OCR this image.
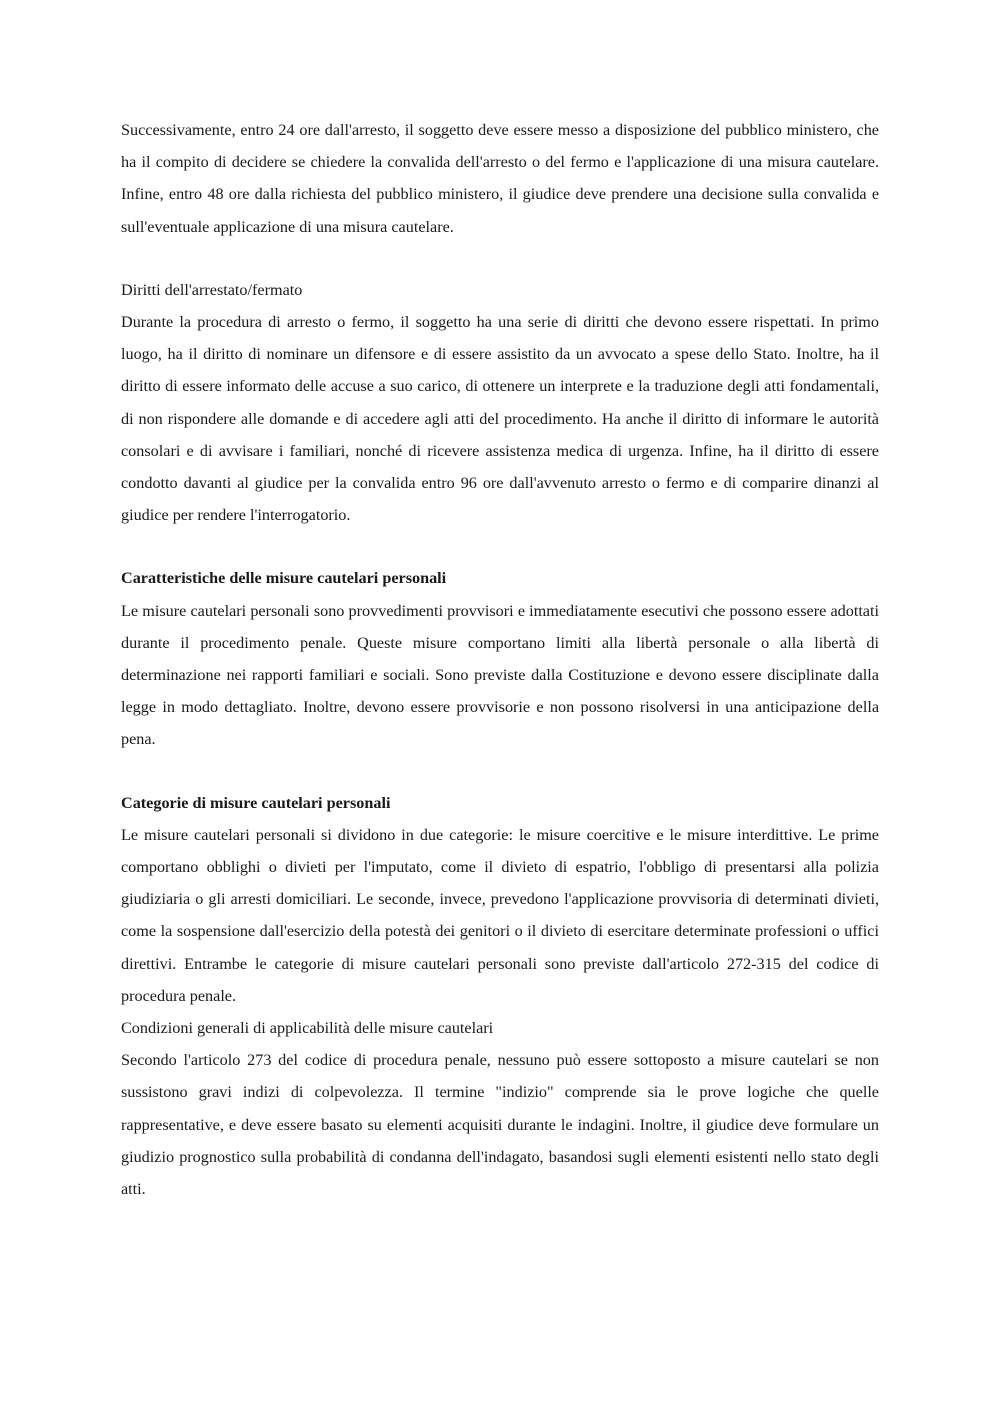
Successivamente, entro 24 ore dall'arresto, il soggetto deve essere messo a disposizione del pubblico ministero, che ha il compito di decidere se chiedere la convalida dell'arresto o del fermo e l'applicazione di una misura cautelare. Infine, entro 48 ore dalla richiesta del pubblico ministero, il giudice deve prendere una decisione sulla convalida e sull'eventuale applicazione di una misura cautelare.

Diritti dell'arrestato/fermato

Durante la procedura di arresto o fermo, il soggetto ha una serie di diritti che devono essere rispettati. In primo luogo, ha il diritto di nominare un difensore e di essere assistito da un avvocato a spese dello Stato. Inoltre, ha il diritto di essere informato delle accuse a suo carico, di ottenere un interprete e la traduzione degli atti fondamentali, di non rispondere alle domande e di accedere agli atti del procedimento. Ha anche il diritto di informare le autorità consolari e di avvisare i familiari, nonché di ricevere assistenza medica di urgenza. Infine, ha il diritto di essere condotto davanti al giudice per la convalida entro 96 ore dall'avvenuto arresto o fermo e di comparire dinanzi al giudice per rendere l'interrogatorio.

Caratteristiche delle misure cautelari personali

Le misure cautelari personali sono provvedimenti provvisori e immediatamente esecutivi che possono essere adottati durante il procedimento penale. Queste misure comportano limiti alla libertà personale o alla libertà di determinazione nei rapporti familiari e sociali. Sono previste dalla Costituzione e devono essere disciplinate dalla legge in modo dettagliato. Inoltre, devono essere provvisorie e non possono risolversi in una anticipazione della pena.

Categorie di misure cautelari personali

Le misure cautelari personali si dividono in due categorie: le misure coercitive e le misure interdittive. Le prime comportano obblighi o divieti per l'imputato, come il divieto di espatrio, l'obbligo di presentarsi alla polizia giudiziaria o gli arresti domiciliari. Le seconde, invece, prevedono l'applicazione provvisoria di determinati divieti, come la sospensione dall'esercizio della potestà dei genitori o il divieto di esercitare determinate professioni o uffici direttivi. Entrambe le categorie di misure cautelari personali sono previste dall'articolo 272-315 del codice di procedura penale.

Condizioni generali di applicabilità delle misure cautelari

Secondo l'articolo 273 del codice di procedura penale, nessuno può essere sottoposto a misure cautelari se non sussistono gravi indizi di colpevolezza. Il termine "indizio" comprende sia le prove logiche che quelle rappresentative, e deve essere basato su elementi acquisiti durante le indagini. Inoltre, il giudice deve formulare un giudizio prognostico sulla probabilità di condanna dell'indagato, basandosi sugli elementi esistenti nello stato degli atti.
